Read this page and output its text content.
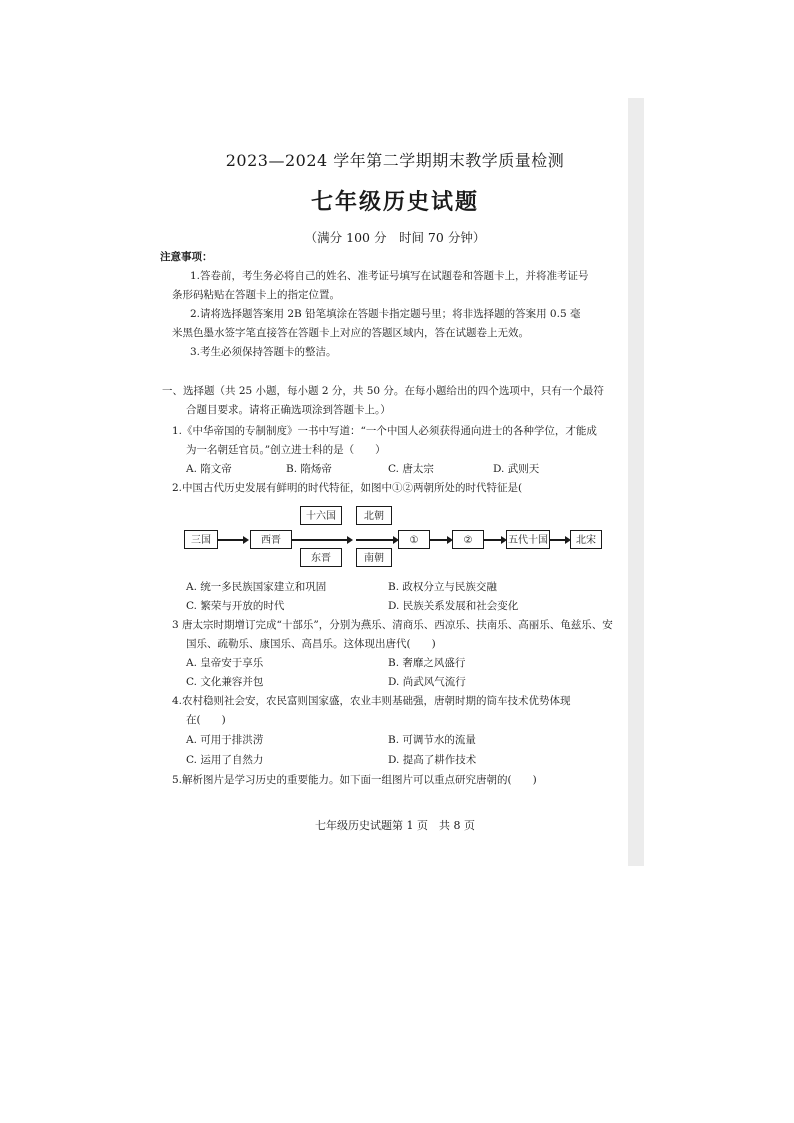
2023—2024 学年第二学期期末教学质量检测
七年级历史试题
（满分 100 分　时间 70 分钟）
注意事项：
1.答卷前，考生务必将自己的姓名、准考证号填写在试题卷和答题卡上，并将准考证号
条形码粘贴在答题卡上的指定位置。
2.请将选择题答案用 2B 铅笔填涂在答题卡指定题号里；将非选择题的答案用 0.5 毫
米黑色墨水签字笔直接答在答题卡上对应的答题区域内，答在试题卷上无效。
3.考生必须保持答题卡的整洁。
一、选择题（共 25 小题，每小题 2 分，共 50 分。在每小题给出的四个选项中，只有一个最符
合题目要求。请将正确选项涂到答题卡上。）
1.《中华帝国的专制制度》一书中写道：“一个中国人必须获得通向进士的各种学位，才能成
为一名朝廷官员。”创立进士科的是（　　）
A. 隋文帝	B. 隋炀帝	C. 唐太宗	D. 武则天
2.中国古代历史发展有鲜明的时代特征，如图中①②两朝所处的时代特征是(
三国	西晋
十六国
东晋
北朝
南朝
①	②	五代十国	北宋
A. 统一多民族国家建立和巩固	B. 政权分立与民族交融
C. 繁荣与开放的时代	D. 民族关系发展和社会变化
3 唐太宗时期增订完成“十部乐”，分别为燕乐、清商乐、西凉乐、扶南乐、高丽乐、龟兹乐、安
国乐、疏勒乐、康国乐、高昌乐。这体现出唐代(　　)
A. 皇帝安于享乐	B. 奢靡之风盛行
C. 文化兼容并包	D. 尚武风气流行
4.农村稳则社会安，农民富则国家盛，农业丰则基础强，唐朝时期的筒车技术优势体现
在(　　)
A. 可用于排洪涝	B. 可调节水的流量
C. 运用了自然力	D. 提高了耕作技术
5.解析图片是学习历史的重要能力。如下面一组图片可以重点研究唐朝的(　　)
七年级历史试题第 1 页　共 8 页
